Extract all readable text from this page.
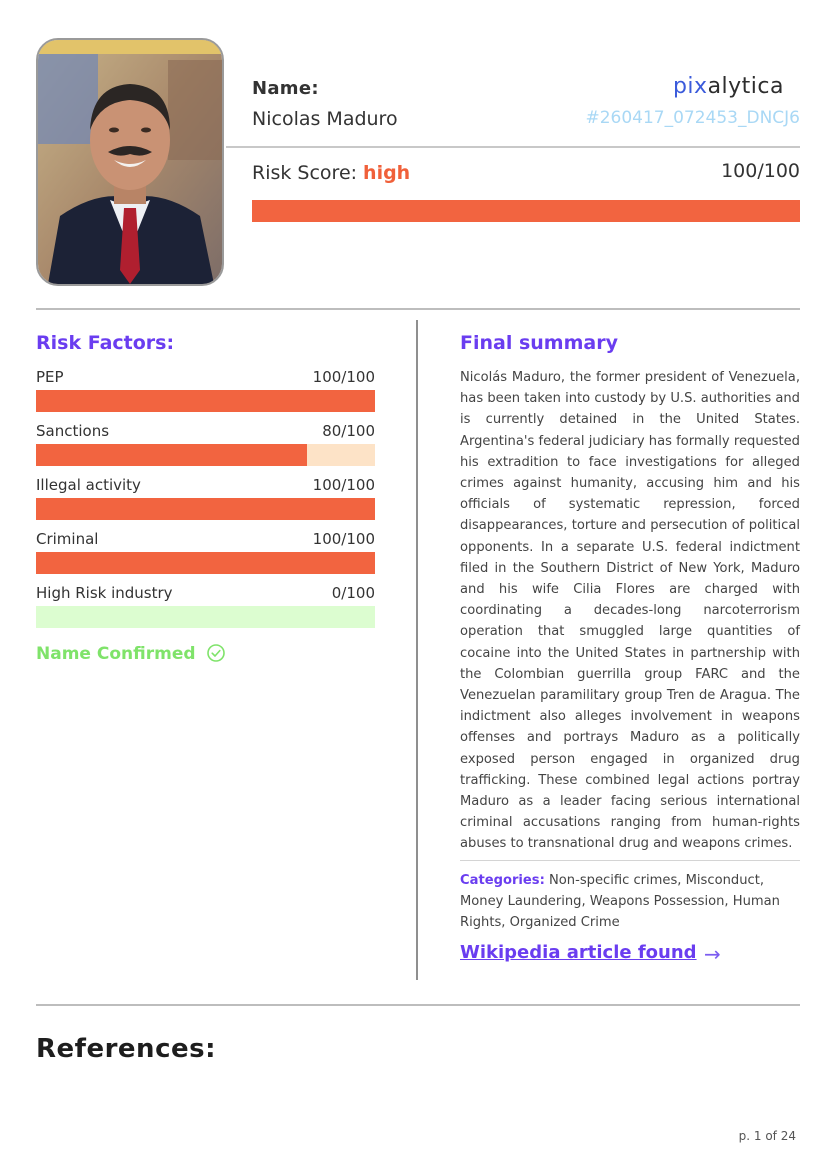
Name:
Nicolas Maduro
pixalytica
#260417_072453_DNCJ6
Risk Score: high	100/100
Risk Factors:
PEP	100/100
Sanctions	80/100
Illegal activity	100/100
Criminal	100/100
High Risk industry	0/100
Name Confirmed
Final summary

Nicolás Maduro, the former president of Venezuela, has been taken into custody by U.S. authorities and is currently detained in the United States. Argentina's federal judiciary has formally requested his extradition to face investigations for alleged crimes against humanity, accusing him and his officials of systematic repression, forced disappearances, torture and persecution of political opponents. In a separate U.S. federal indictment filed in the Southern District of New York, Maduro and his wife Cilia Flores are charged with coordinating a decades-long narcoterrorism operation that smuggled large quantities of cocaine into the United States in partnership with the Colombian guerrilla group FARC and the Venezuelan paramilitary group Tren de Aragua. The indictment also alleges involvement in weapons offenses and portrays Maduro as a politically exposed person engaged in organized drug trafficking. These combined legal actions portray Maduro as a leader facing serious international criminal accusations ranging from human-rights abuses to transnational drug and weapons crimes.

Categories: Non-specific crimes, Misconduct, Money Laundering, Weapons Possession, Human Rights, Organized Crime
Wikipedia article found →
References:
p. 1 of 24
